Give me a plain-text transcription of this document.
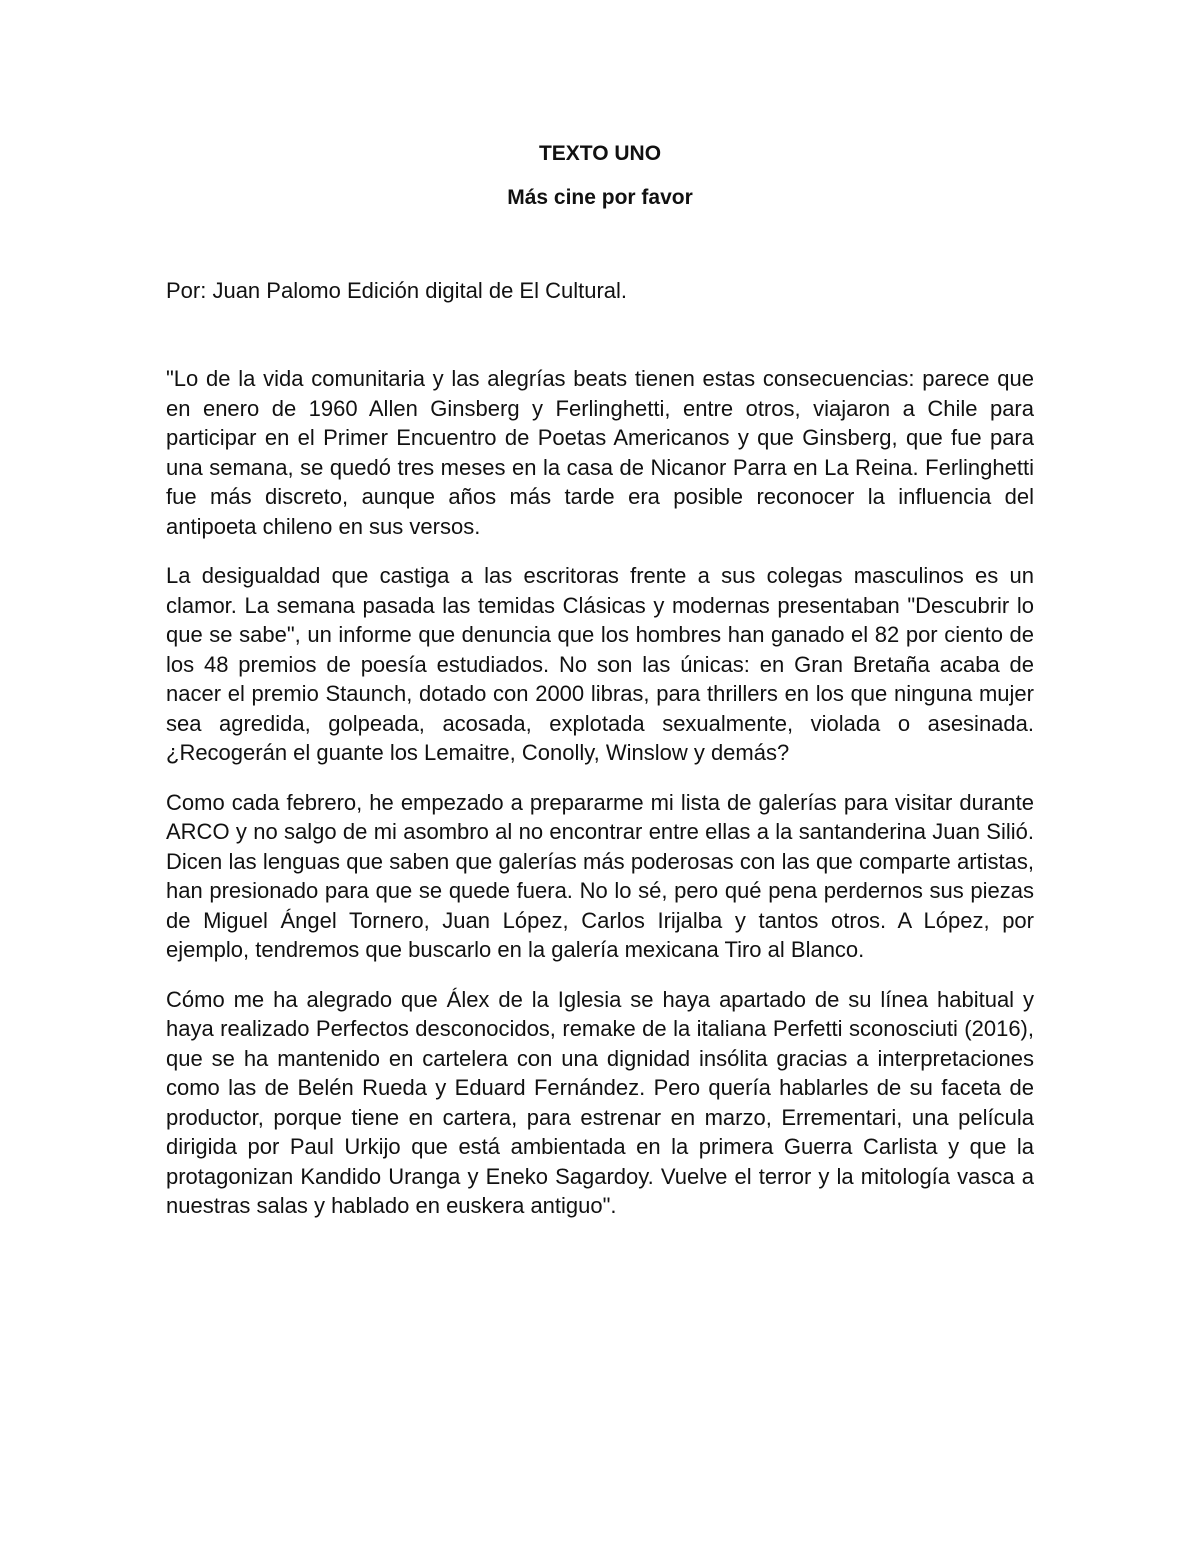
TEXTO UNO
Más cine por favor

Por: Juan Palomo Edición digital de El Cultural.

"Lo de la vida comunitaria y las alegrías beats tienen estas consecuencias: parece que en enero de 1960 Allen Ginsberg y Ferlinghetti, entre otros, viajaron a Chile para participar en el Primer Encuentro de Poetas Americanos y que Ginsberg, que fue para una semana, se quedó tres meses en la casa de Nicanor Parra en La Reina. Ferlinghetti fue más discreto, aunque años más tarde era posible reconocer la influencia del antipoeta chileno en sus versos.

La desigualdad que castiga a las escritoras frente a sus colegas masculinos es un clamor. La semana pasada las temidas Clásicas y modernas presentaban "Descubrir lo que se sabe", un informe que denuncia que los hombres han ganado el 82 por ciento de los 48 premios de poesía estudiados. No son las únicas: en Gran Bretaña acaba de nacer el premio Staunch, dotado con 2000 libras, para thrillers en los que ninguna mujer sea agredida, golpeada, acosada, explotada sexualmente, violada o asesinada. ¿Recogerán el guante los Lemaitre, Conolly, Winslow y demás?

Como cada febrero, he empezado a prepararme mi lista de galerías para visitar durante ARCO y no salgo de mi asombro al no encontrar entre ellas a la santanderina Juan Silió. Dicen las lenguas que saben que galerías más poderosas con las que comparte artistas, han presionado para que se quede fuera. No lo sé, pero qué pena perdernos sus piezas de Miguel Ángel Tornero, Juan López, Carlos Irijalba y tantos otros. A López, por ejemplo, tendremos que buscarlo en la galería mexicana Tiro al Blanco.

Cómo me ha alegrado que Álex de la Iglesia se haya apartado de su línea habitual y haya realizado Perfectos desconocidos, remake de la italiana Perfetti sconosciuti (2016), que se ha mantenido en cartelera con una dignidad insólita gracias a interpretaciones como las de Belén Rueda y Eduard Fernández. Pero quería hablarles de su faceta de productor, porque tiene en cartera, para estrenar en marzo, Errementari, una película dirigida por Paul Urkijo que está ambientada en la primera Guerra Carlista y que la protagonizan Kandido Uranga y Eneko Sagardoy. Vuelve el terror y la mitología vasca a nuestras salas y hablado en euskera antiguo".
